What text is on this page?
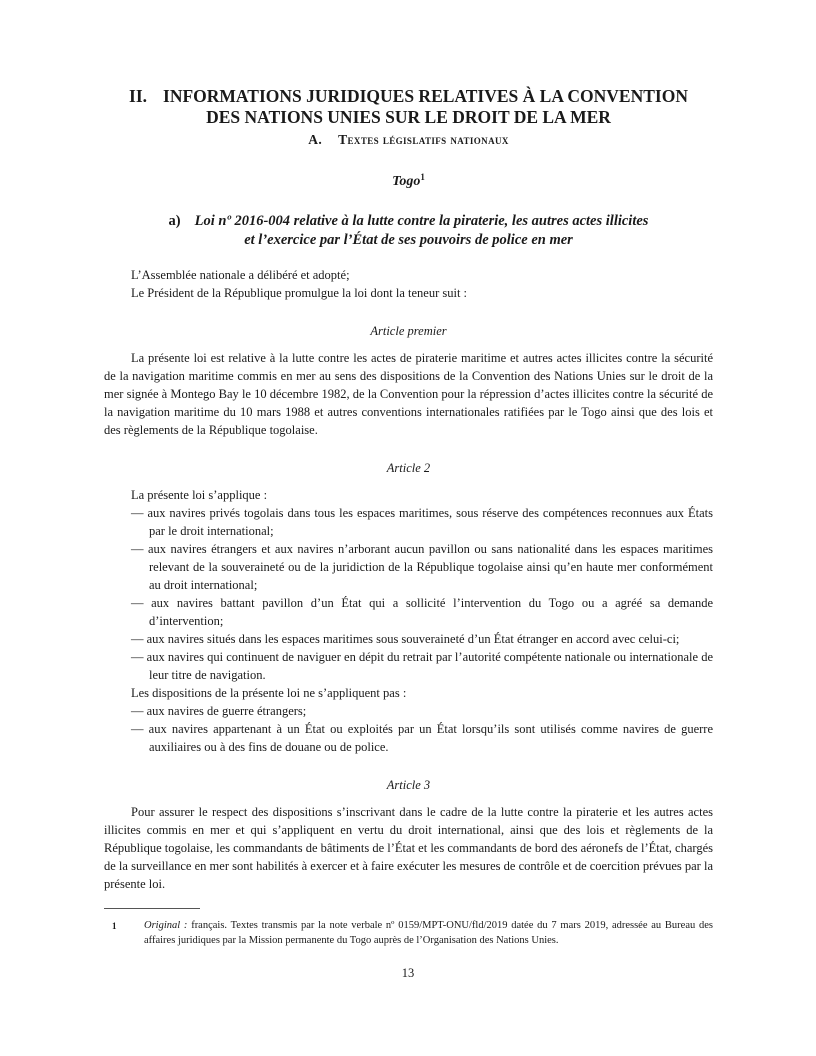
II. INFORMATIONS JURIDIQUES RELATIVES À LA CONVENTION
DES NATIONS UNIES SUR LE DROIT DE LA MER
A. Textes législatifs nationaux
Togo$^1$
a) Loi nº 2016-004 relative à la lutte contre la piraterie, les autres actes illicites
et l’exercice par l’État de ses pouvoirs de police en mer

L’Assemblée nationale a délibéré et adopté;

Le Président de la République promulgue la loi dont la teneur suit :

Article premier

La présente loi est relative à la lutte contre les actes de piraterie maritime et autres actes illicites contre la sécurité de la navigation maritime commis en mer au sens des dispositions de la Convention des Nations Unies sur le droit de la mer signée à Montego Bay le 10 décembre 1982, de la Convention pour la répression d’actes illicites contre la sécurité de la navigation maritime du 10 mars 1988 et autres conventions internationales ratifiées par le Togo ainsi que des lois et des règlements de la République togolaise.

Article 2

La présente loi s’applique :

— aux navires privés togolais dans tous les espaces maritimes, sous réserve des compétences reconnues aux États par le droit international;
— aux navires étrangers et aux navires n’arborant aucun pavillon ou sans nationalité dans les espaces maritimes relevant de la souveraineté ou de la juridiction de la République togolaise ainsi qu’en haute mer conformément au droit international;
— aux navires battant pavillon d’un État qui a sollicité l’intervention du Togo ou a agréé sa demande d’intervention;
— aux navires situés dans les espaces maritimes sous souveraineté d’un État étranger en accord avec celui-ci;
— aux navires qui continuent de naviguer en dépit du retrait par l’autorité compétente nationale ou internationale de leur titre de navigation.

Les dispositions de la présente loi ne s’appliquent pas :

— aux navires de guerre étrangers;
— aux navires appartenant à un État ou exploités par un État lorsqu’ils sont utilisés comme navires de guerre auxiliaires ou à des fins de douane ou de police.
Article 3

Pour assurer le respect des dispositions s’inscrivant dans le cadre de la lutte contre la piraterie et les autres actes illicites commis en mer et qui s’appliquent en vertu du droit international, ainsi que des lois et règlements de la République togolaise, les commandants de bâtiments de l’État et les commandants de bord des aéronefs de l’État, chargés de la surveillance en mer sont habilités à exercer et à faire exécuter les mesures de contrôle et de coercition prévues par la présente loi.

1	Original : français. Textes transmis par la note verbale nº 0159/MPT-ONU/fld/2019 datée du 7 mars 2019, adressée au Bureau des affaires juridiques par la Mission permanente du Togo auprès de l’Organisation des Nations Unies.

13
